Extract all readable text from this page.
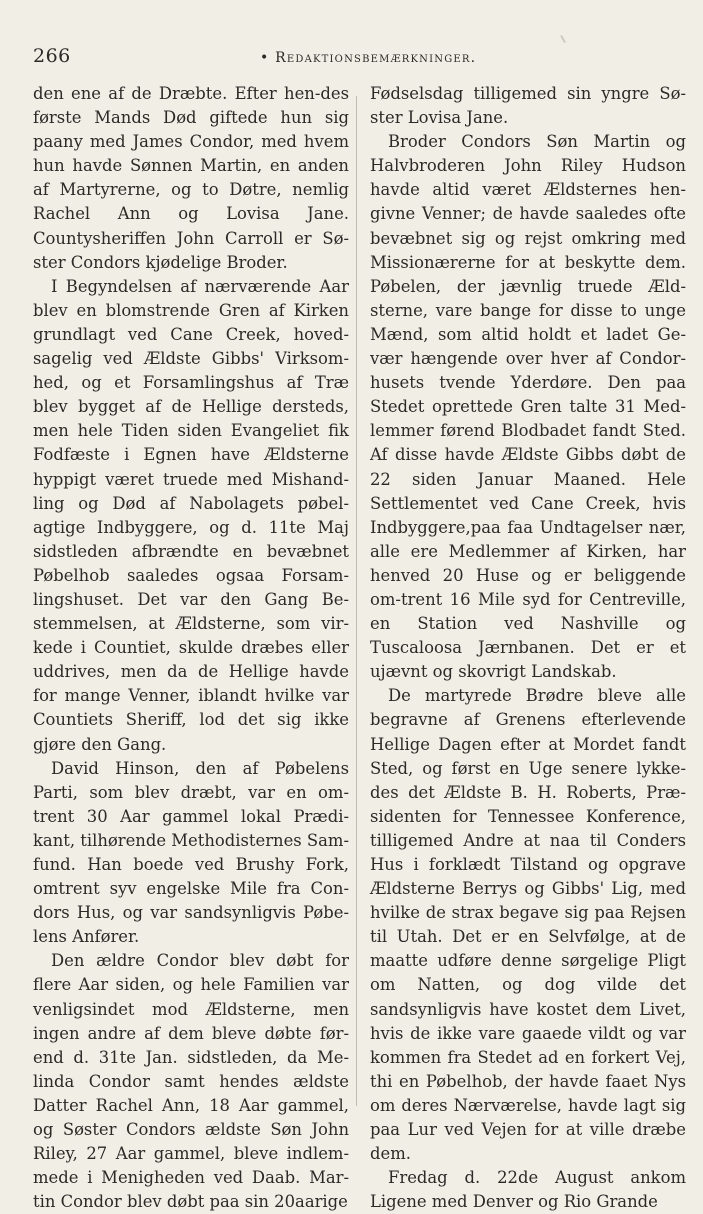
266	• Redaktionsbemærkninger.

den ene af de Dræbte. Efter hen-des første Mands Død giftede hun sig paany med James Condor, med hvem hun havde Sønnen Martin, en anden af Martyrerne, og to Døtre, nemlig Rachel Ann og Lovisa Jane. Countysheriffen John Carroll er Sø-ster Condors kjødelige Broder.

I Begyndelsen af nærværende Aar blev en blomstrende Gren af Kirken grundlagt ved Cane Creek, hoved-sagelig ved Ældste Gibbs' Virksom-hed, og et Forsamlingshus af Træ blev bygget af de Hellige dersteds, men hele Tiden siden Evangeliet fik Fodfæste i Egnen have Ældsterne hyppigt været truede med Mishand-ling og Død af Nabolagets pøbel-agtige Indbyggere, og d. 11te Maj sidstleden afbrændte en bevæbnet Pøbelhob saaledes ogsaa Forsam-lingshuset. Det var den Gang Be-stemmelsen, at Ældsterne, som vir-kede i Countiet, skulde dræbes eller uddrives, men da de Hellige havde for mange Venner, iblandt hvilke var Countiets Sheriff, lod det sig ikke gjøre den Gang.

David Hinson, den af Pøbelens Parti, som blev dræbt, var en om-trent 30 Aar gammel lokal Prædi-kant, tilhørende Methodisternes Sam-fund. Han boede ved Brushy Fork, omtrent syv engelske Mile fra Con-dors Hus, og var sandsynligvis Pøbe-lens Anfører.

Den ældre Condor blev døbt for flere Aar siden, og hele Familien var venligsindet mod Ældsterne, men ingen andre af dem bleve døbte før-end d. 31te Jan. sidstleden, da Me-linda Condor samt hendes ældste Datter Rachel Ann, 18 Aar gammel, og Søster Condors ældste Søn John Riley, 27 Aar gammel, bleve indlem-mede i Menigheden ved Daab. Mar-tin Condor blev døbt paa sin 20aarige

Fødselsdag tilligemed sin yngre Sø-ster Lovisa Jane.

Broder Condors Søn Martin og Halvbroderen John Riley Hudson havde altid været Ældsternes hen-givne Venner; de havde saaledes ofte bevæbnet sig og rejst omkring med Missionærerne for at beskytte dem. Pøbelen, der jævnlig truede Æld-sterne, vare bange for disse to unge Mænd, som altid holdt et ladet Ge-vær hængende over hver af Condor-husets tvende Yderdøre. Den paa Stedet oprettede Gren talte 31 Med-lemmer førend Blodbadet fandt Sted. Af disse havde Ældste Gibbs døbt de 22 siden Januar Maaned. Hele Settlementet ved Cane Creek, hvis Indbyggere,paa faa Undtagelser nær, alle ere Medlemmer af Kirken, har henved 20 Huse og er beliggende om-trent 16 Mile syd for Centreville, en Station ved Nashville og Tuscaloosa Jærnbanen. Det er et ujævnt og skovrigt Landskab.

De martyrede Brødre bleve alle begravne af Grenens efterlevende Hellige Dagen efter at Mordet fandt Sted, og først en Uge senere lykke-des det Ældste B. H. Roberts, Præ-sidenten for Tennessee Konference, tilligemed Andre at naa til Conders Hus i forklædt Tilstand og opgrave Ældsterne Berrys og Gibbs' Lig, med hvilke de strax begave sig paa Rejsen til Utah. Det er en Selvfølge, at de maatte udføre denne sørgelige Pligt om Natten, og dog vilde det sandsynligvis have kostet dem Livet, hvis de ikke vare gaaede vildt og var kommen fra Stedet ad en forkert Vej, thi en Pøbelhob, der havde faaet Nys om deres Nærværelse, havde lagt sig paa Lur ved Vejen for at ville dræbe dem.

Fredag d. 22de August ankom Ligene med Denver og Rio Grande
